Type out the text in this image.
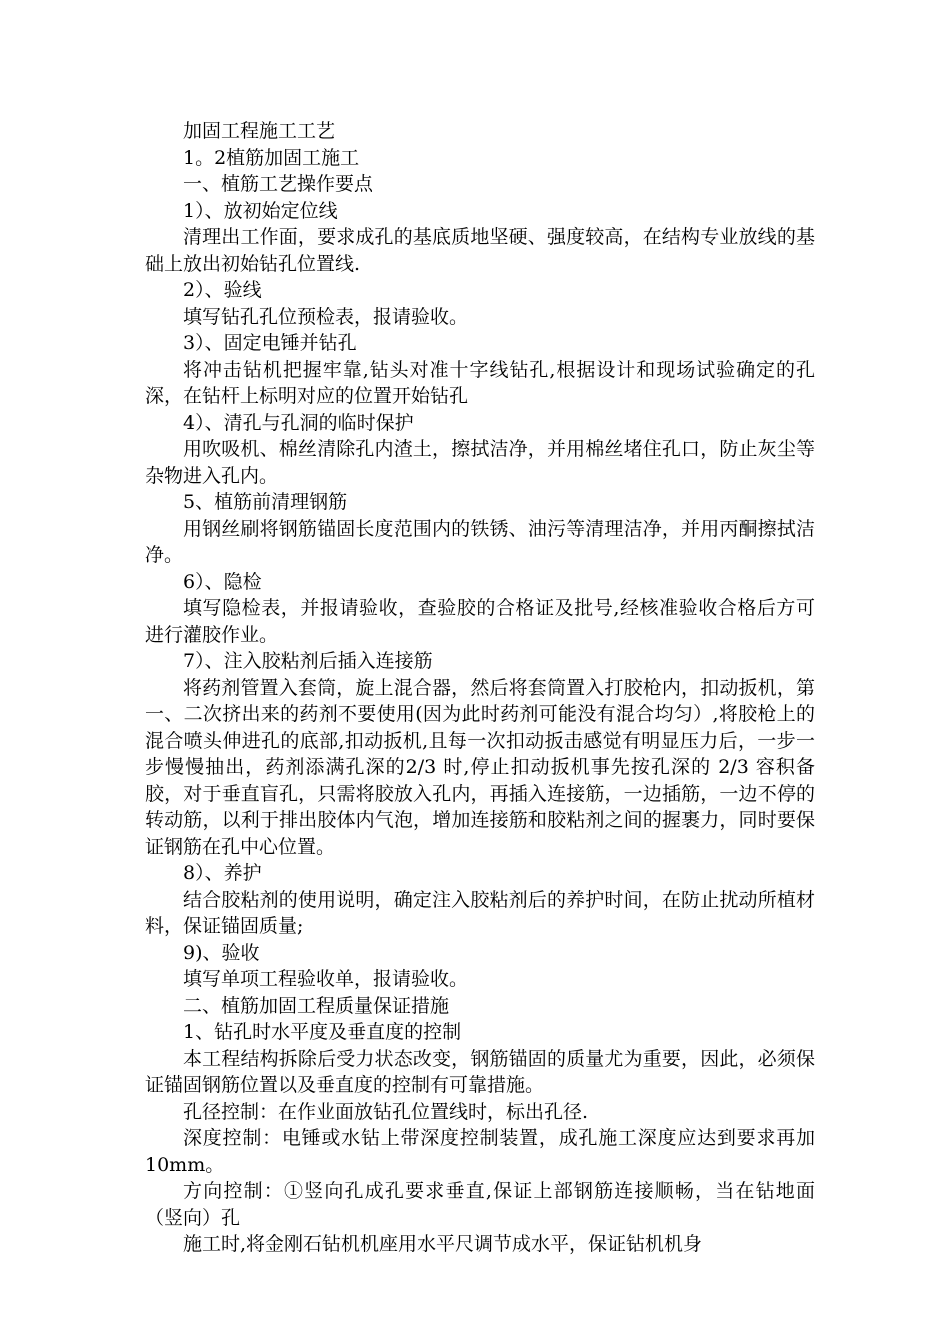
加固工程施工工艺

1。2植筋加固工施工

一、植筋工艺操作要点

1）、放初始定位线

清理出工作面，要求成孔的基底质地坚硬、强度较高，在结构专业放线的基础上放出初始钻孔位置线.

2）、验线

填写钻孔孔位预检表，报请验收。

3）、固定电锤并钻孔

将冲击钻机把握牢靠,钻头对准十字线钻孔,根据设计和现场试验确定的孔深，在钻杆上标明对应的位置开始钻孔

4）、清孔与孔洞的临时保护

用吹吸机、棉丝清除孔内渣土，擦拭洁净，并用棉丝堵住孔口，防止灰尘等杂物进入孔内。

5、植筋前清理钢筋

用钢丝刷将钢筋锚固长度范围内的铁锈、油污等清理洁净，并用丙酮擦拭洁净。

6）、隐检

填写隐检表，并报请验收，查验胶的合格证及批号,经核准验收合格后方可进行灌胶作业。

7）、注入胶粘剂后插入连接筋

将药剂管置入套筒，旋上混合器，然后将套筒置入打胶枪内，扣动扳机，第一、二次挤出来的药剂不要使用(因为此时药剂可能没有混合均匀）,将胶枪上的混合喷头伸进孔的底部,扣动扳机,且每一次扣动扳击感觉有明显压力后，一步一步慢慢抽出，药剂添满孔深的2/3 时,停止扣动扳机事先按孔深的 2/3 容积备胶，对于垂直盲孔，只需将胶放入孔内，再插入连接筋，一边插筋，一边不停的转动筋，以利于排出胶体内气泡，增加连接筋和胶粘剂之间的握裹力，同时要保证钢筋在孔中心位置。

8）、养护

结合胶粘剂的使用说明，确定注入胶粘剂后的养护时间，在防止扰动所植材料，保证锚固质量;

9)、验收

填写单项工程验收单，报请验收。

二、植筋加固工程质量保证措施

1、钻孔时水平度及垂直度的控制

本工程结构拆除后受力状态改变，钢筋锚固的质量尤为重要，因此，必须保证锚固钢筋位置以及垂直度的控制有可靠措施。

孔径控制：在作业面放钻孔位置线时，标出孔径.

深度控制：电锤或水钻上带深度控制装置，成孔施工深度应达到要求再加10mm。

方向控制：①竖向孔成孔要求垂直,保证上部钢筋连接顺畅，当在钻地面（竖向）孔

施工时,将金刚石钻机机座用水平尺调节成水平，保证钻机机身
